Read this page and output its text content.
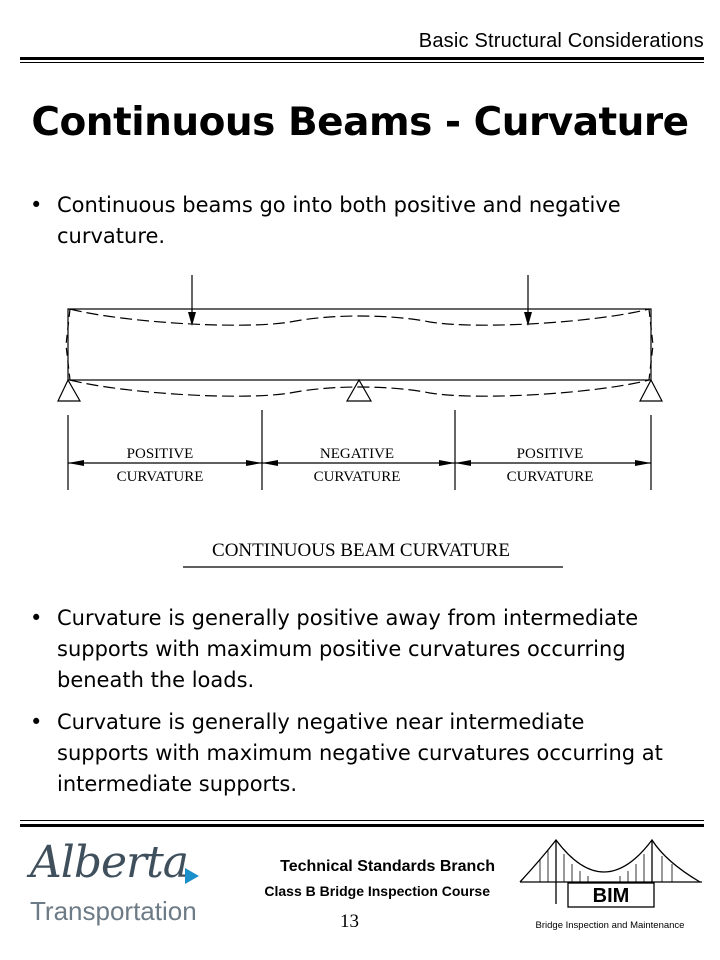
Basic Structural Considerations
Continuous Beams - Curvature

• Continuous beams go into both positive and negative curvature.

POSITIVE
CURVATURE
NEGATIVE
CURVATURE
POSITIVE
CURVATURE
CONTINUOUS BEAM CURVATURE

• Curvature is generally positive away from intermediate supports with maximum positive curvatures occurring beneath the loads.

• Curvature is generally negative near intermediate supports with maximum negative curvatures occurring at intermediate supports.

Alberta
Transportation
Technical Standards Branch
Class B Bridge Inspection Course
13
BIM
Bridge Inspection and Maintenance
